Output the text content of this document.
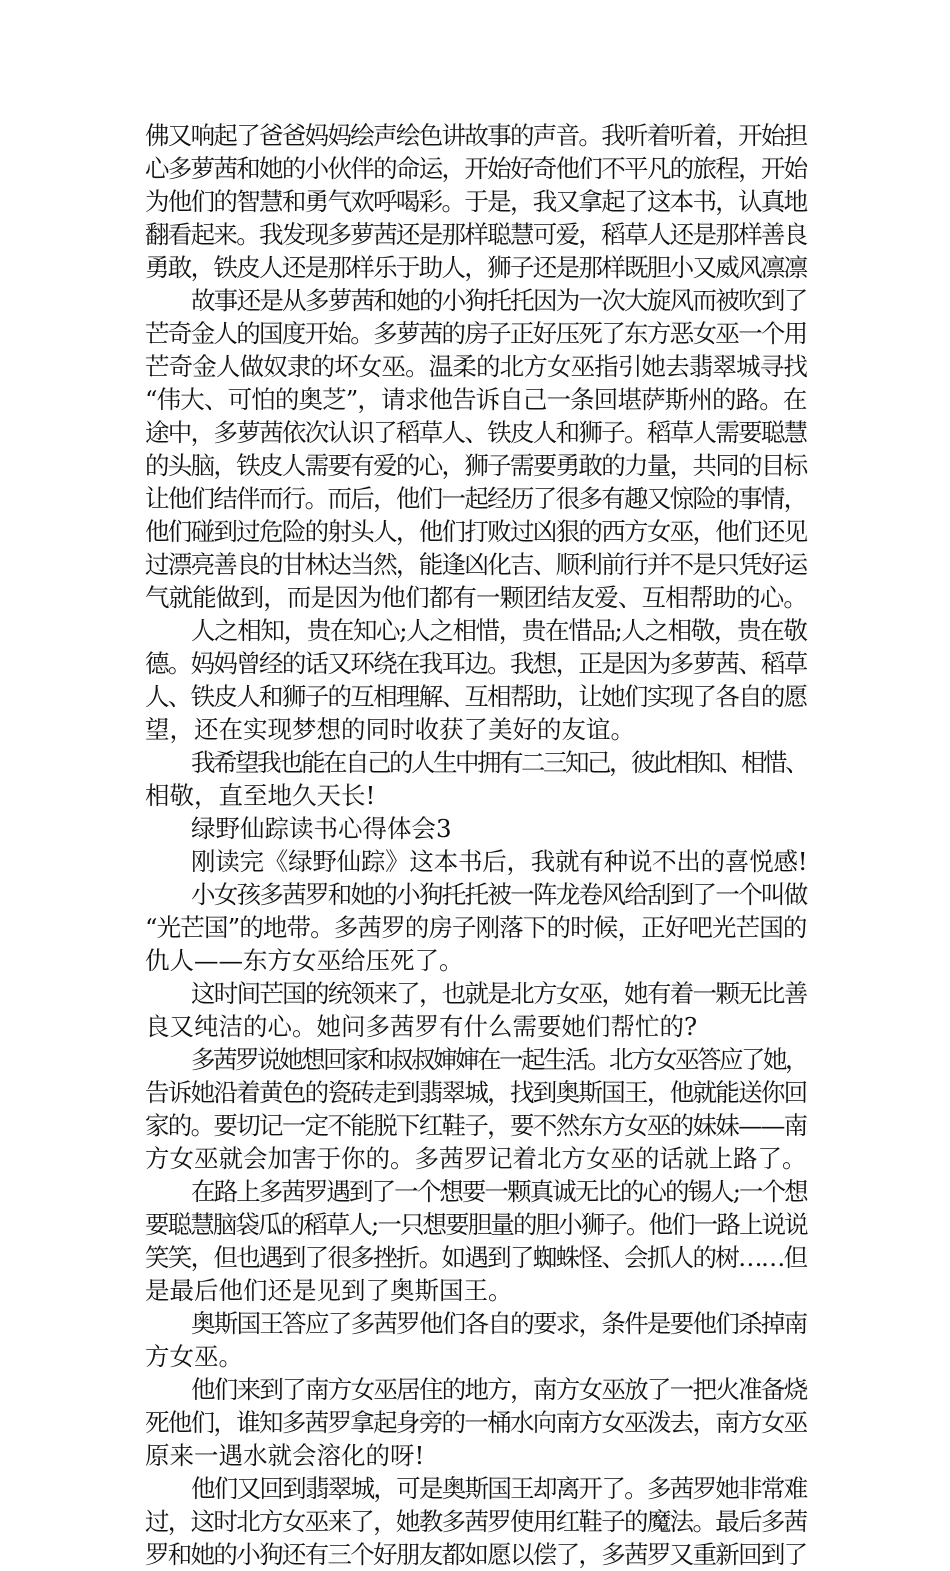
佛又响起了爸爸妈妈绘声绘色讲故事的声音。我听着听着，开始担
心多萝茜和她的小伙伴的命运，开始好奇他们不平凡的旅程，开始
为他们的智慧和勇气欢呼喝彩。于是，我又拿起了这本书，认真地
翻看起来。我发现多萝茜还是那样聪慧可爱，稻草人还是那样善良
勇敢，铁皮人还是那样乐于助人，狮子还是那样既胆小又威风凛凛
故事还是从多萝茜和她的小狗托托因为一次大旋风而被吹到了
芒奇金人的国度开始。多萝茜的房子正好压死了东方恶女巫一个用
芒奇金人做奴隶的坏女巫。温柔的北方女巫指引她去翡翠城寻找
“伟大、可怕的奥芝”，请求他告诉自己一条回堪萨斯州的路。在
途中，多萝茜依次认识了稻草人、铁皮人和狮子。稻草人需要聪慧
的头脑，铁皮人需要有爱的心，狮子需要勇敢的力量，共同的目标
让他们结伴而行。而后，他们一起经历了很多有趣又惊险的事情，
他们碰到过危险的射头人，他们打败过凶狠的西方女巫，他们还见
过漂亮善良的甘林达当然，能逢凶化吉、顺利前行并不是只凭好运
气就能做到，而是因为他们都有一颗团结友爱、互相帮助的心。
人之相知，贵在知心;人之相惜，贵在惜品;人之相敬，贵在敬
德。妈妈曾经的话又环绕在我耳边。我想，正是因为多萝茜、稻草
人、铁皮人和狮子的互相理解、互相帮助，让她们实现了各自的愿
望，还在实现梦想的同时收获了美好的友谊。
我希望我也能在自己的人生中拥有二三知己，彼此相知、相惜、
相敬，直至地久天长!
绿野仙踪读书心得体会3
刚读完《绿野仙踪》这本书后，我就有种说不出的喜悦感!
小女孩多茜罗和她的小狗托托被一阵龙卷风给刮到了一个叫做
“光芒国”的地带。多茜罗的房子刚落下的时候，正好吧光芒国的
仇人——东方女巫给压死了。
这时间芒国的统领来了，也就是北方女巫，她有着一颗无比善
良又纯洁的心。她问多茜罗有什么需要她们帮忙的?
多茜罗说她想回家和叔叔婶婶在一起生活。北方女巫答应了她，
告诉她沿着黄色的瓷砖走到翡翠城，找到奥斯国王，他就能送你回
家的。要切记一定不能脱下红鞋子，要不然东方女巫的妹妹——南
方女巫就会加害于你的。多茜罗记着北方女巫的话就上路了。
在路上多茜罗遇到了一个想要一颗真诚无比的心的锡人;一个想
要聪慧脑袋瓜的稻草人;一只想要胆量的胆小狮子。他们一路上说说
笑笑，但也遇到了很多挫折。如遇到了蜘蛛怪、会抓人的树……但
是最后他们还是见到了奥斯国王。
奥斯国王答应了多茜罗他们各自的要求，条件是要他们杀掉南
方女巫。
他们来到了南方女巫居住的地方，南方女巫放了一把火准备烧
死他们，谁知多茜罗拿起身旁的一桶水向南方女巫泼去，南方女巫
原来一遇水就会溶化的呀!
他们又回到翡翠城，可是奥斯国王却离开了。多茜罗她非常难
过，这时北方女巫来了，她教多茜罗使用红鞋子的魔法。最后多茜
罗和她的小狗还有三个好朋友都如愿以偿了，多茜罗又重新回到了
